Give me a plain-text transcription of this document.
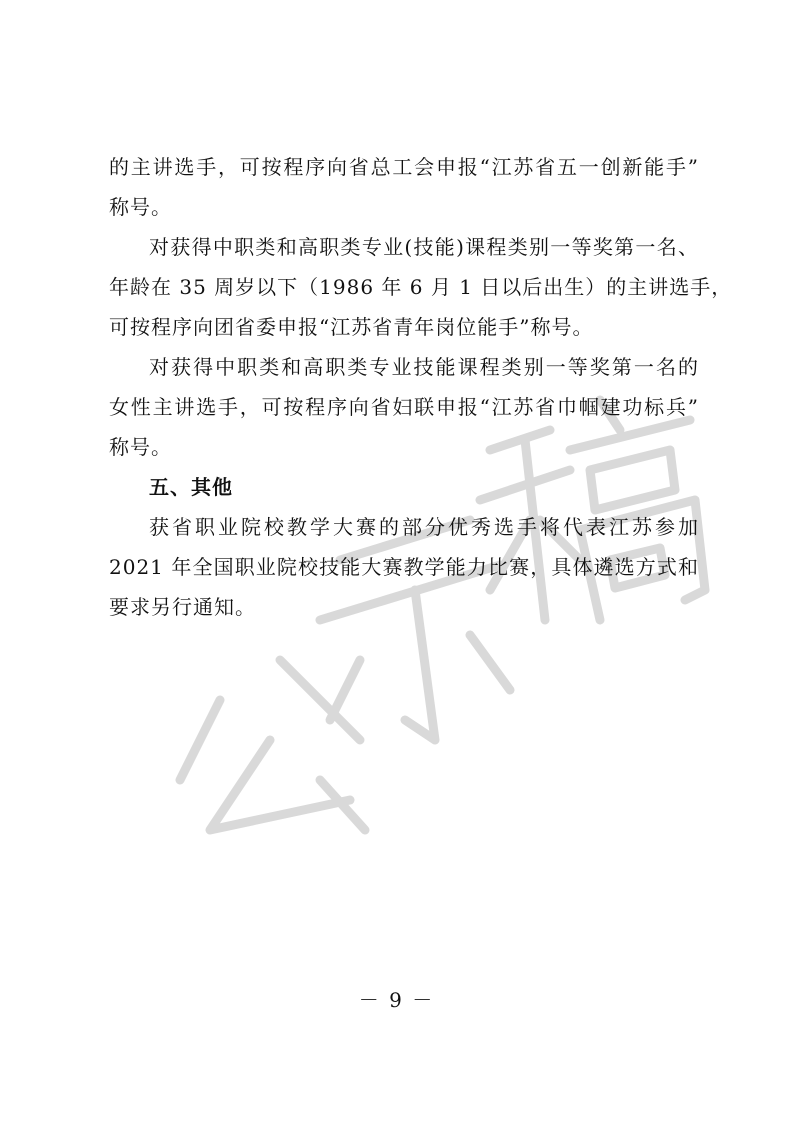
的主讲选手，可按程序向省总工会申报“江苏省五一创新能手”
称号。
对获得中职类和高职类专业(技能)课程类别一等奖第一名、
年龄在 35 周岁以下（1986 年 6 月 1 日以后出生）的主讲选手，
可按程序向团省委申报“江苏省青年岗位能手”称号。
对获得中职类和高职类专业技能课程类别一等奖第一名的
女性主讲选手，可按程序向省妇联申报“江苏省巾帼建功标兵”
称号。
五、其他
获省职业院校教学大赛的部分优秀选手将代表江苏参加
2021 年全国职业院校技能大赛教学能力比赛，具体遴选方式和
要求另行通知。
－ 9 －
